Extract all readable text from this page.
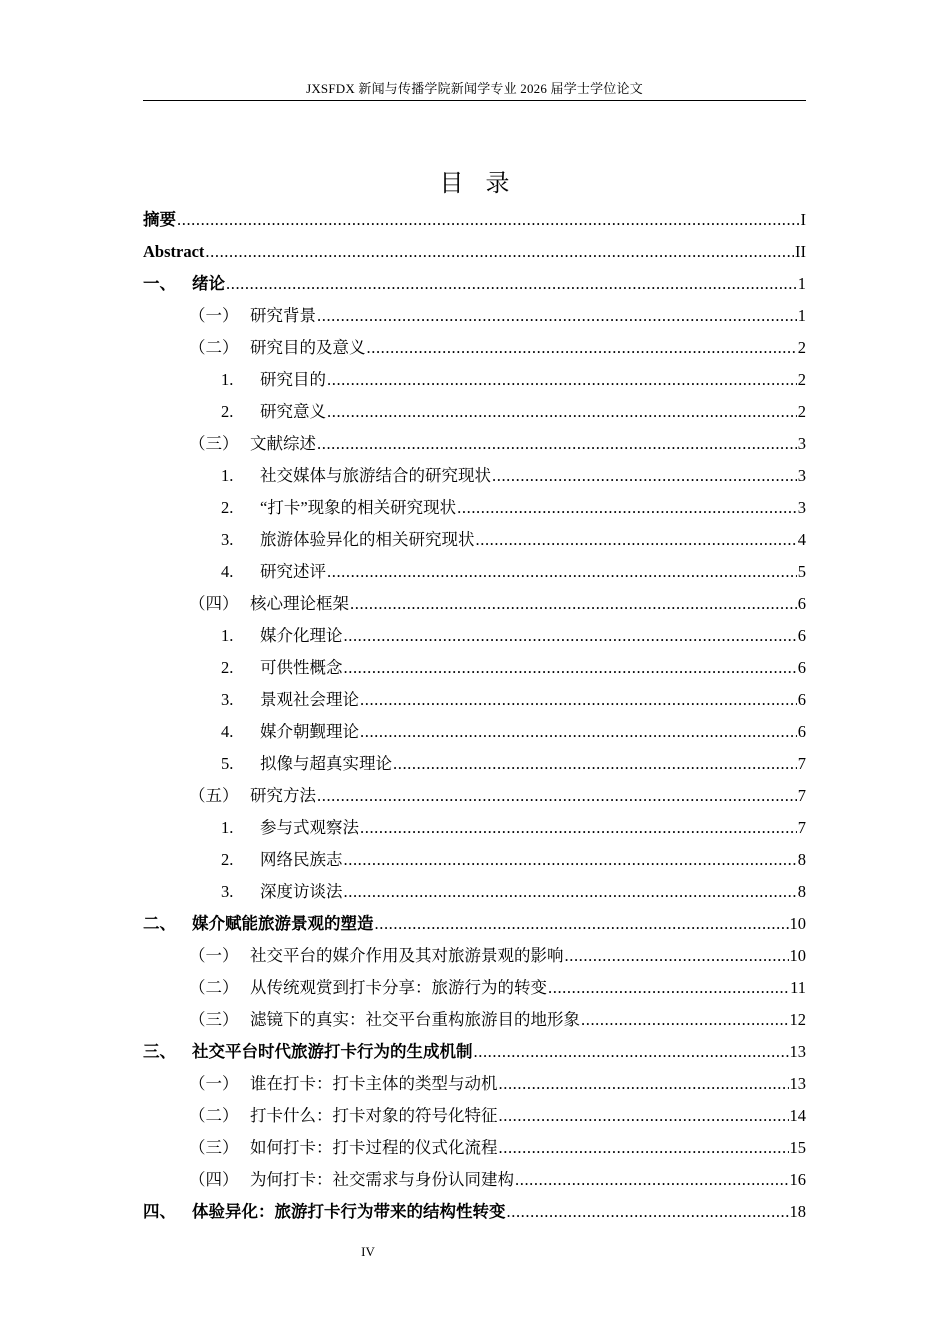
JXSFDX 新闻与传播学院新闻学专业 2026 届学士学位论文
目录
摘要 .....	I
Abstract .....	II
一、 绪论 .....	1
（一） 研究背景 .....	1
（二） 研究目的及意义 .....	2
1.	研究目的 .....	2
2.	研究意义 .....	2
（三） 文献综述 .....	3
1.	社交媒体与旅游结合的研究现状 .....	3
2.	“打卡”现象的相关研究现状 .....	3
3.	旅游体验异化的相关研究现状 .....	4
4.	研究述评 .....	5
（四） 核心理论框架 .....	6
1.	媒介化理论 .....	6
2.	可供性概念 .....	6
3.	景观社会理论 .....	6
4.	媒介朝觐理论 .....	6
5.	拟像与超真实理论 .....	7
（五） 研究方法 .....	7
1.	参与式观察法 .....	7
2.	网络民族志 .....	8
3.	深度访谈法 .....	8
二、 媒介赋能旅游景观的塑造 .....	10
（一） 社交平台的媒介作用及其对旅游景观的影响 .....	10
（二） 从传统观赏到打卡分享：旅游行为的转变 .....	11
（三） 滤镜下的真实：社交平台重构旅游目的地形象 .....	12
三、 社交平台时代旅游打卡行为的生成机制 .....	13
（一） 谁在打卡：打卡主体的类型与动机 .....	13
（二） 打卡什么：打卡对象的符号化特征 .....	14
（三） 如何打卡：打卡过程的仪式化流程 .....	15
（四） 为何打卡：社交需求与身份认同建构 .....	16
四、 体验异化：旅游打卡行为带来的结构性转变 .....	18
IV
